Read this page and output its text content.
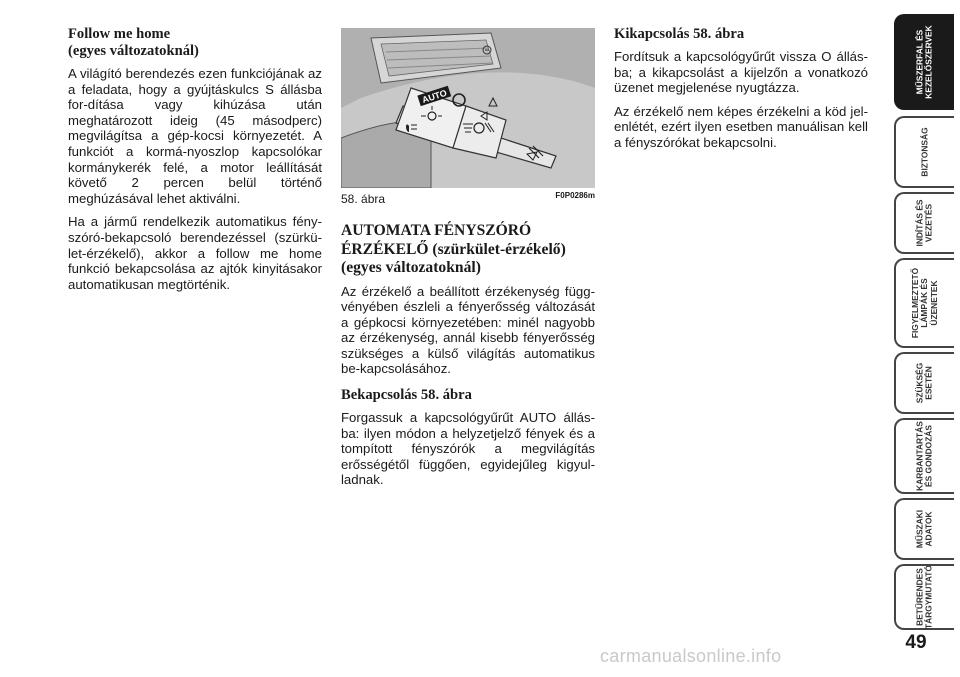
Follow me home
(egyes változatoknál)

A világító berendezés ezen funkciójának az a feladata, hogy a gyújtáskulcs S állásba for-dítása vagy kihúzása után meghatározott ideig (45 másodperc) megvilágítsa a gép-kocsi környezetét. A funkciót a kormá-nyoszlop kapcsolókar kormánykerék felé, a motor leállítását követő 2 percen belül történő meghúzásával lehet aktiválni.

Ha a jármű rendelkezik automatikus fény-szóró-bekapcsoló berendezéssel (szürkü-let-érzékelő), akkor a follow me home funkció bekapcsolása az ajtók kinyitásakor automatikusan megtörténik.

AUTO
58. ábra	F0P0286m
AUTOMATA FÉNYSZÓRÓ ÉRZÉKELŐ (szürkület-érzékelő) (egyes változatoknál)

Az érzékelő a beállított érzékenység függ-vényében észleli a fényerősség változását a gépkocsi környezetében: minél nagyobb az érzékenység, annál kisebb fényerősség szükséges a külső világítás automatikus be-kapcsolásához.

Bekapcsolás 58. ábra

Forgassuk a kapcsológyűrűt AUTO állás-ba: ilyen módon a helyzetjelző fények és a tompított fényszórók a megvilágítás erősségétől függően, egyidejűleg kigyul-ladnak.

Kikapcsolás 58. ábra

Fordítsuk a kapcsológyűrűt vissza O állás-ba; a kikapcsolást a kijelzőn a vonatkozó üzenet megjelenése nyugtázza.

Az érzékelő nem képes érzékelni a köd jel-enlétét, ezért ilyen esetben manuálisan kell a fényszórókat bekapcsolni.

MŰSZERFAL ÉS
KEZELŐSZERVEK
BIZTONSÁG
INDÍTÁS ÉS
VEZETÉS
FIGYELMEZTETŐ
LÁMPÁK ÉS
ÜZENETEK
SZÜKSÉG
ESETÉN
KARBANTARTÁS
ÉS GONDOZÁS
MŰSZAKI
ADATOK
BETŰRENDES
TÁRGYMUTATÓ
49
carmanualsonline.info
